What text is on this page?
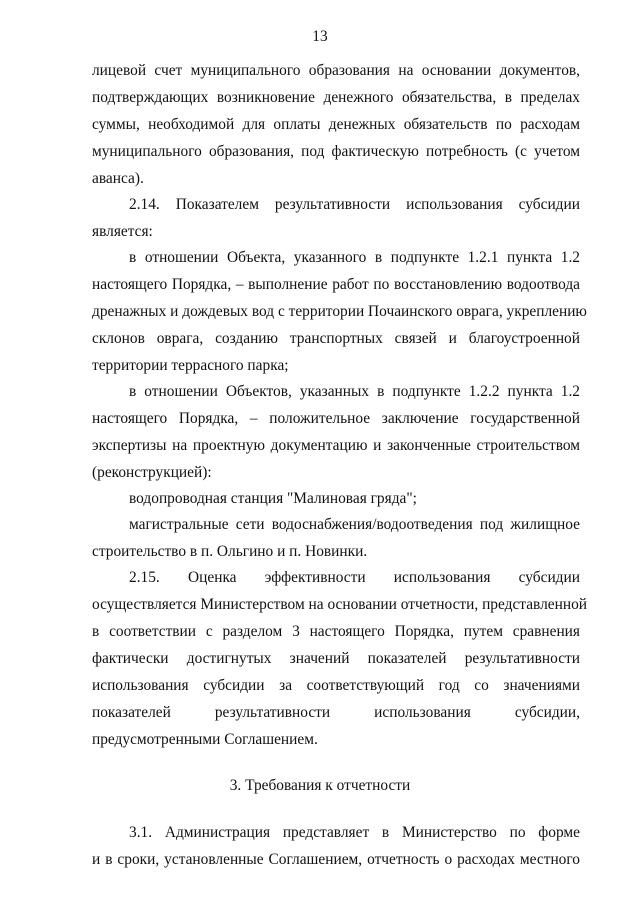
13
лицевой счет муниципального образования на основании документов,
подтверждающих возникновение денежного обязательства, в пределах
суммы, необходимой для оплаты денежных обязательств по расходам
муниципального образования, под фактическую потребность (с учетом
аванса).
2.14. Показателем результативности использования субсидии
является:
в отношении Объекта, указанного в подпункте 1.2.1 пункта 1.2
настоящего Порядка, – выполнение работ по восстановлению водоотвода
дренажных и дождевых вод с территории Почаинского оврага, укреплению
склонов оврага, созданию транспортных связей и благоустроенной
территории террасного парка;
в отношении Объектов, указанных в подпункте 1.2.2 пункта 1.2
настоящего Порядка, – положительное заключение государственной
экспертизы на проектную документацию и законченные строительством
(реконструкцией):
водопроводная станция "Малиновая гряда";
магистральные сети водоснабжения/водоотведения под жилищное
строительство в п. Ольгино и п. Новинки.
2.15. Оценка эффективности использования субсидии
осуществляется Министерством на основании отчетности, представленной
в соответствии с разделом 3 настоящего Порядка, путем сравнения
фактически достигнутых значений показателей результативности
использования субсидии за соответствующий год со значениями
показателей результативности использования субсидии,
предусмотренными Соглашением.
3. Требования к отчетности
3.1. Администрация представляет в Министерство по форме
и в сроки, установленные Соглашением, отчетность о расходах местного
